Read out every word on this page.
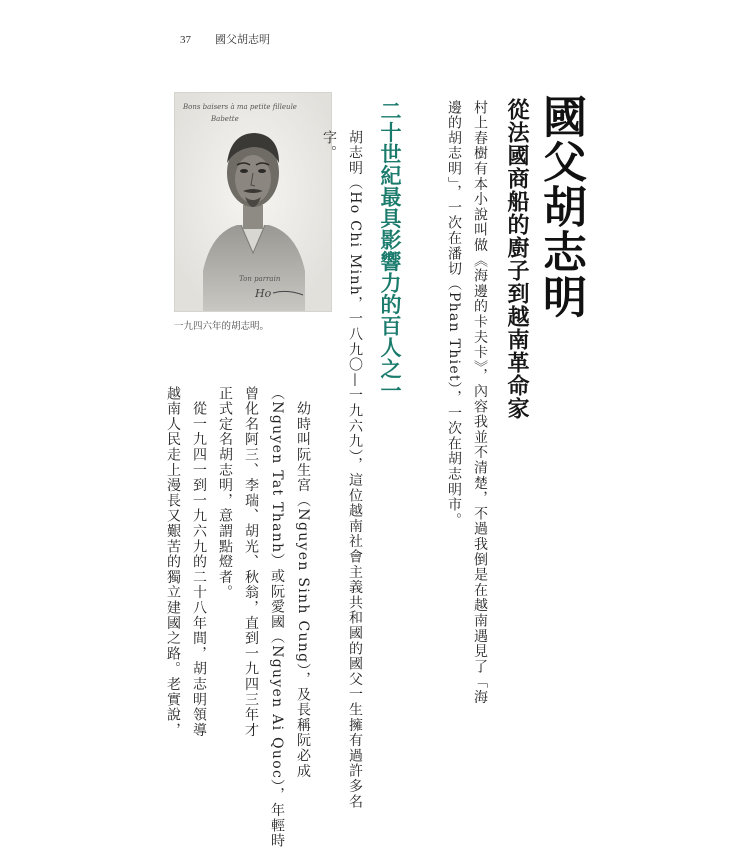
37 國父胡志明
Bons baisers à ma petite filleule
Babette
Ton parrain
Ho
一九四六年的胡志明。
國父胡志明
從法國商船的廚子到越南革命家
村上春樹有本小說叫做《海邊的卡夫卡》，內容我並不清楚，不過我倒是在越南遇見了「海
邊的胡志明」，一次在潘切（Phan Thiet），一次在胡志明市。
二十世紀最具影響力的百人之一
胡志明（Ho Chi Minh，一八九〇—一九六九），這位越南社會主義共和國的國父一生擁有過許多名
字。
　幼時叫阮生宮（Nguyen Sinh Cung），及長稱阮必成
（Nguyen Tat Thanh）或阮愛國（Nguyen Ai Quoc），年輕時
曾化名阿三、李瑞、胡光、秋翁，直到一九四三年才
正式定名胡志明，意謂點燈者。
　從一九四一到一九六九的二十八年間，胡志明領導
越南人民走上漫長又艱苦的獨立建國之路。老實說，
